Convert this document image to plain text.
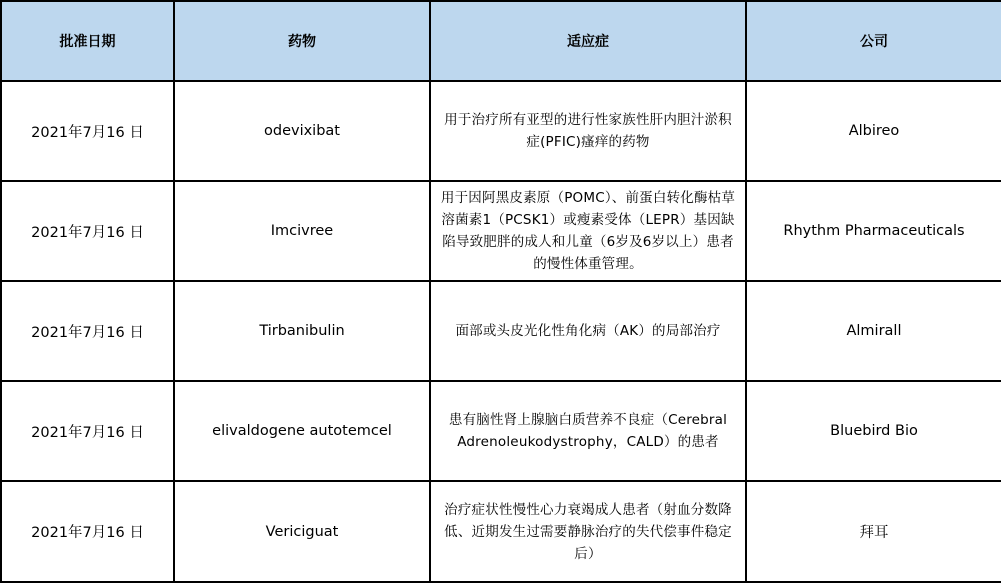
批准日期	药物	适应症	公司
2021年7月16 日	odevixibat	用于治疗所有亚型的进行性家族性肝内胆汁淤积症(PFIC)瘙痒的药物	Albireo
2021年7月16 日	Imcivree	用于因阿黑皮素原（POMC）、前蛋白转化酶枯草溶菌素1（PCSK1）或瘦素受体（LEPR）基因缺陷导致肥胖的成人和儿童（6岁及6岁以上）患者的慢性体重管理。	Rhythm Pharmaceuticals
2021年7月16 日	Tirbanibulin	面部或头皮光化性角化病（AK）的局部治疗	Almirall
2021年7月16 日	elivaldogene autotemcel	患有脑性肾上腺脑白质营养不良症（Cerebral Adrenoleukodystrophy，CALD）的患者	Bluebird Bio
2021年7月16 日	Vericiguat	治疗症状性慢性心力衰竭成人患者（射血分数降低、近期发生过需要静脉治疗的失代偿事件稳定后）	拜耳
